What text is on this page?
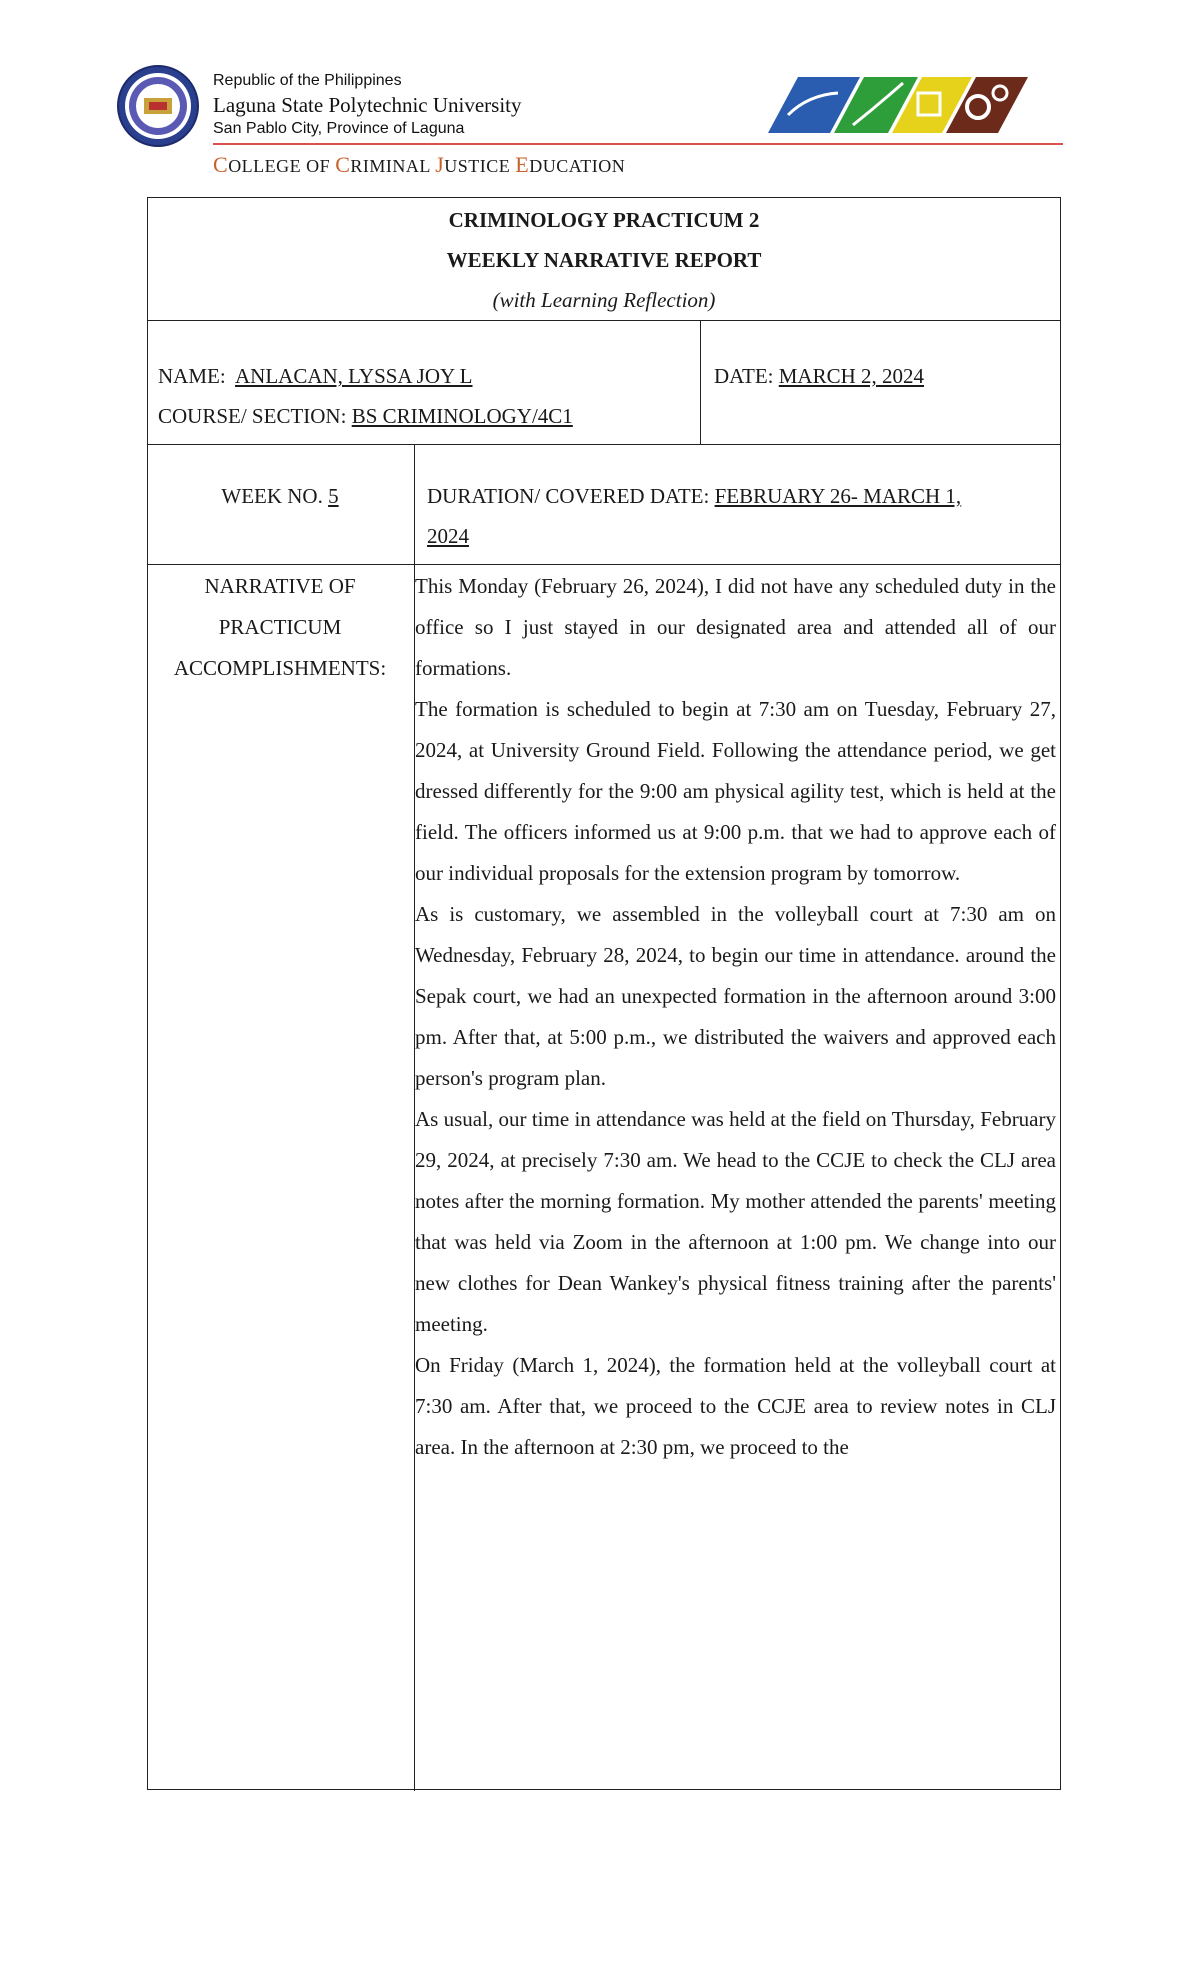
Republic of the Philippines
Laguna State Polytechnic University
San Pablo City, Province of Laguna
COLLEGE OF CRIMINAL JUSTICE EDUCATION
CRIMINOLOGY PRACTICUM 2
WEEKLY NARRATIVE REPORT
(with Learning Reflection)
NAME: ANLACAN, LYSSA JOY L
COURSE/ SECTION: BS CRIMINOLOGY/4C1
DATE: MARCH 2, 2024
WEEK NO. 5	DURATION/ COVERED DATE: FEBRUARY 26- MARCH 1,
2024
NARRATIVE OF
PRACTICUM
ACCOMPLISHMENTS:

This Monday (February 26, 2024), I did not have any scheduled duty in the office so I just stayed in our designated area and attended all of our formations.

The formation is scheduled to begin at 7:30 am on Tuesday, February 27, 2024, at University Ground Field. Following the attendance period, we get dressed differently for the 9:00 am physical agility test, which is held at the field. The officers informed us at 9:00 p.m. that we had to approve each of our individual proposals for the extension program by tomorrow.

As is customary, we assembled in the volleyball court at 7:30 am on Wednesday, February 28, 2024, to begin our time in attendance. around the Sepak court, we had an unexpected formation in the afternoon around 3:00 pm. After that, at 5:00 p.m., we distributed the waivers and approved each person's program plan.

As usual, our time in attendance was held at the field on Thursday, February 29, 2024, at precisely 7:30 am. We head to the CCJE to check the CLJ area notes after the morning formation. My mother attended the parents' meeting that was held via Zoom in the afternoon at 1:00 pm. We change into our new clothes for Dean Wankey's physical fitness training after the parents' meeting.

On Friday (March 1, 2024), the formation held at the volleyball court at 7:30 am. After that, we proceed to the CCJE area to review notes in CLJ area. In the afternoon at 2:30 pm, we proceed to the
